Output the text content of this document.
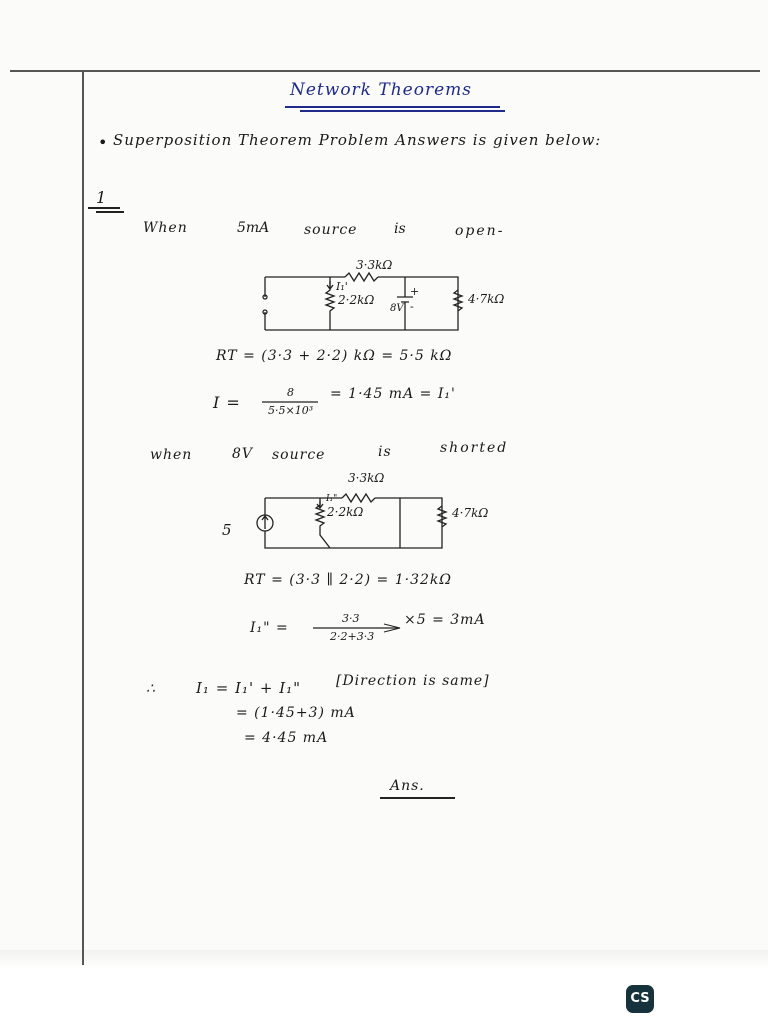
Network Theorems
• Superposition Theorem Problem Answers is given below:
1
When	5mA source	is	open-
3·3kΩ
I₁'
2·2kΩ
+
8V -
4·7kΩ
RT = (3·3 + 2·2) kΩ = 5·5 kΩ
I =
8
5·5×10³
= 1·45 mA = I₁'
when	8V source	is	shorted
3·3kΩ
I₁"
2·2kΩ	4·7kΩ
5
RT = (3·3 ∥ 2·2) = 1·32kΩ
I₁" =
3·3
2·2+3·3
×5 = 3mA
∴	I₁ = I₁' + I₁" [Direction is same]
= (1·45+3) mA
= 4·45 mA
Ans.
CS
